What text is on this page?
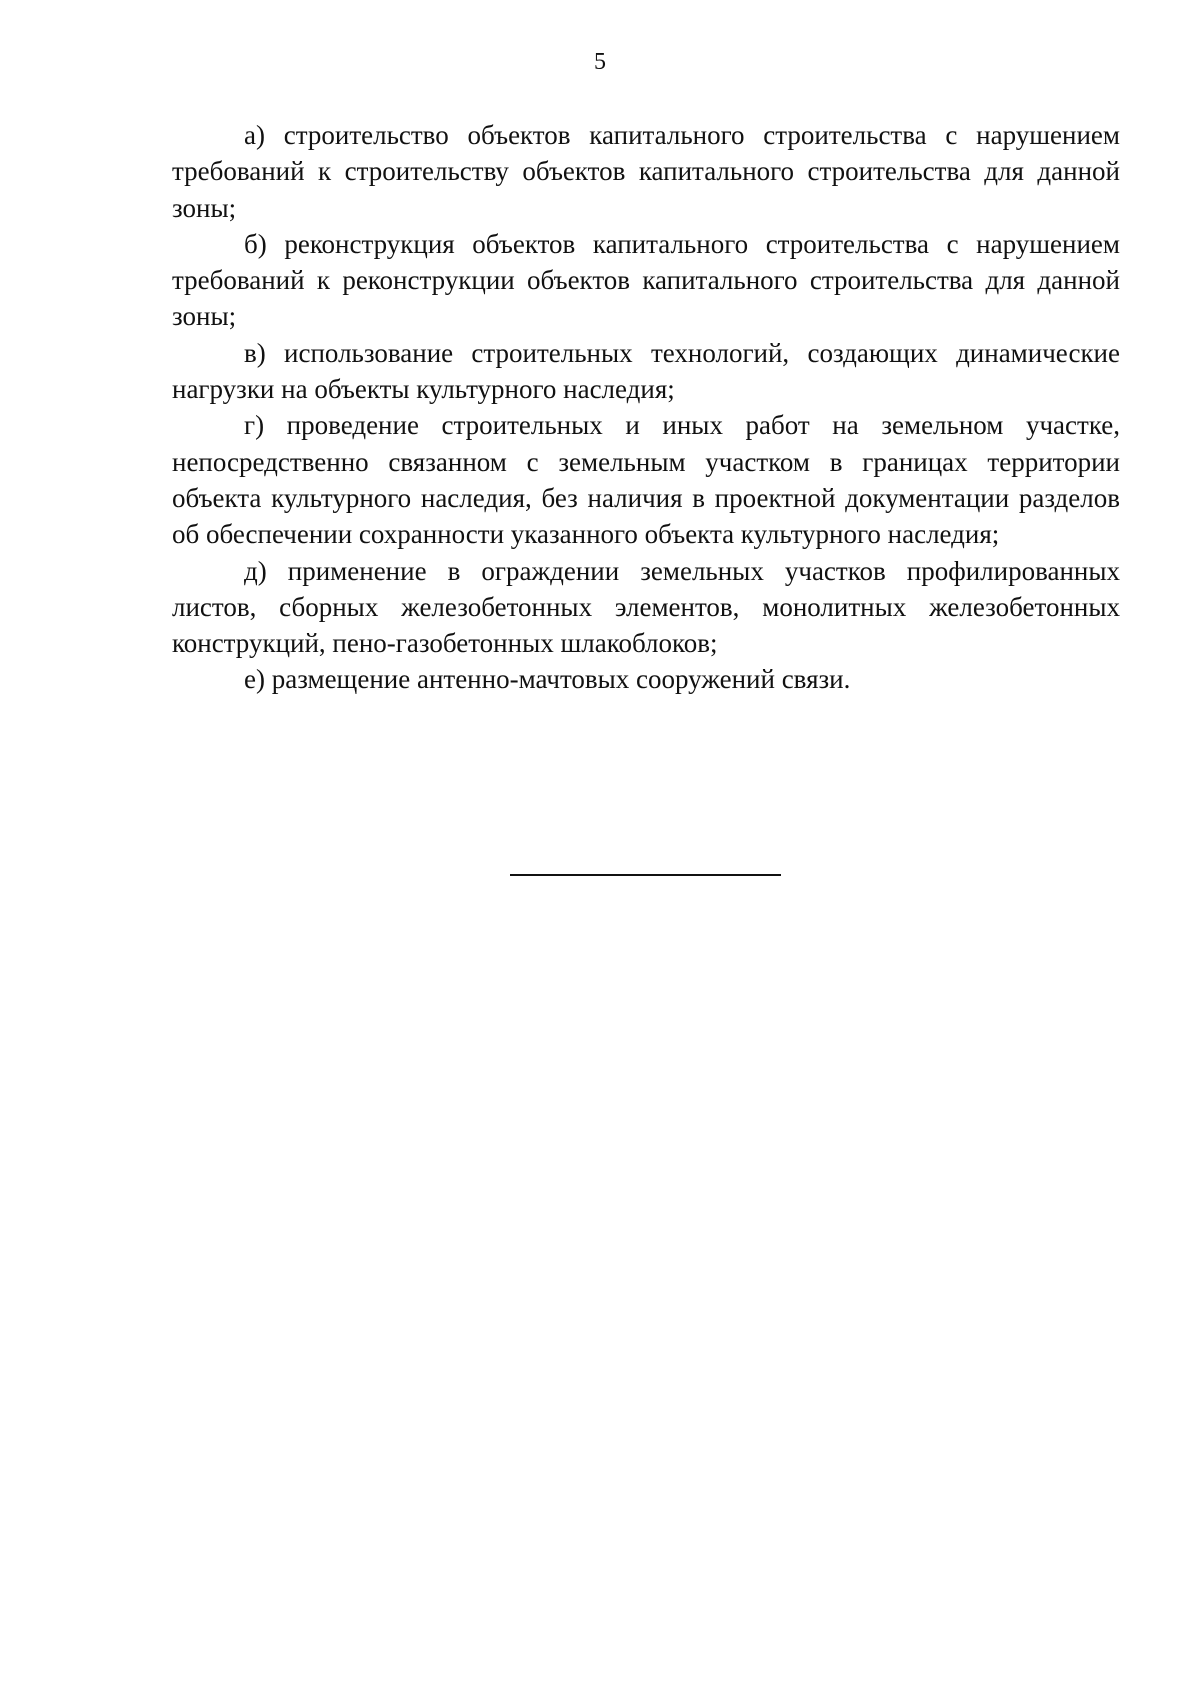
5

а) строительство объектов капитального строительства с нарушением требований к строительству объектов капитального строительства для данной зоны;

б) реконструкция объектов капитального строительства с нарушением требований к реконструкции объектов капитального строительства для данной зоны;

в) использование строительных технологий, создающих динамические нагрузки на объекты культурного наследия;

г) проведение строительных и иных работ на земельном участке, непосредственно связанном с земельным участком в границах территории объекта культурного наследия, без наличия в проектной документации разделов об обеспечении сохранности указанного объекта культурного наследия;

д) применение в ограждении земельных участков профилированных листов, сборных железобетонных элементов, монолитных железобетонных конструкций, пено-газобетонных шлакоблоков;

е) размещение антенно-мачтовых сооружений связи.
